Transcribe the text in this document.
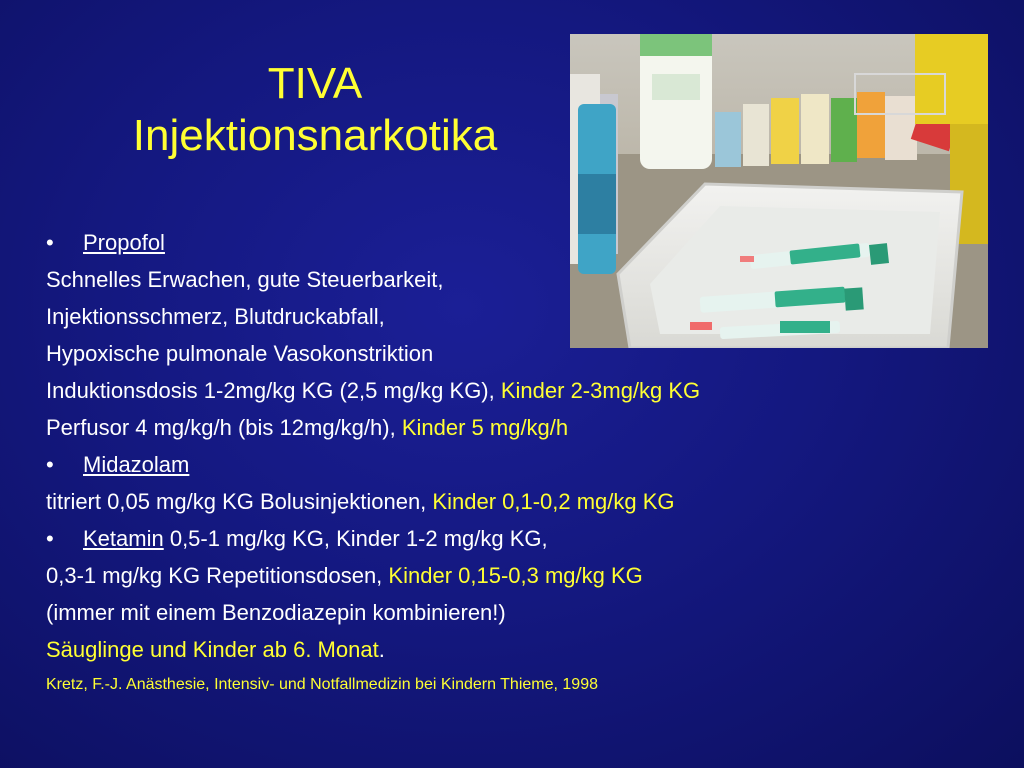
TIVA
Injektionsnarkotika
• Propofol
Schnelles Erwachen, gute Steuerbarkeit,
Injektionsschmerz, Blutdruckabfall,
Hypoxische pulmonale Vasokonstriktion
Induktionsdosis 1-2mg/kg KG (2,5 mg/kg KG), Kinder 2-3mg/kg KG
Perfusor 4 mg/kg/h (bis 12mg/kg/h), Kinder 5 mg/kg/h
• Midazolam
titriert 0,05 mg/kg KG Bolusinjektionen, Kinder 0,1-0,2 mg/kg KG
• Ketamin 0,5-1 mg/kg KG, Kinder 1-2 mg/kg KG,
0,3-1 mg/kg KG Repetitionsdosen, Kinder 0,15-0,3 mg/kg KG
(immer mit einem Benzodiazepin kombinieren!)
Säuglinge und Kinder ab 6. Monat.
Kretz, F.-J. Anästhesie, Intensiv- und Notfallmedizin bei Kindern Thieme, 1998
